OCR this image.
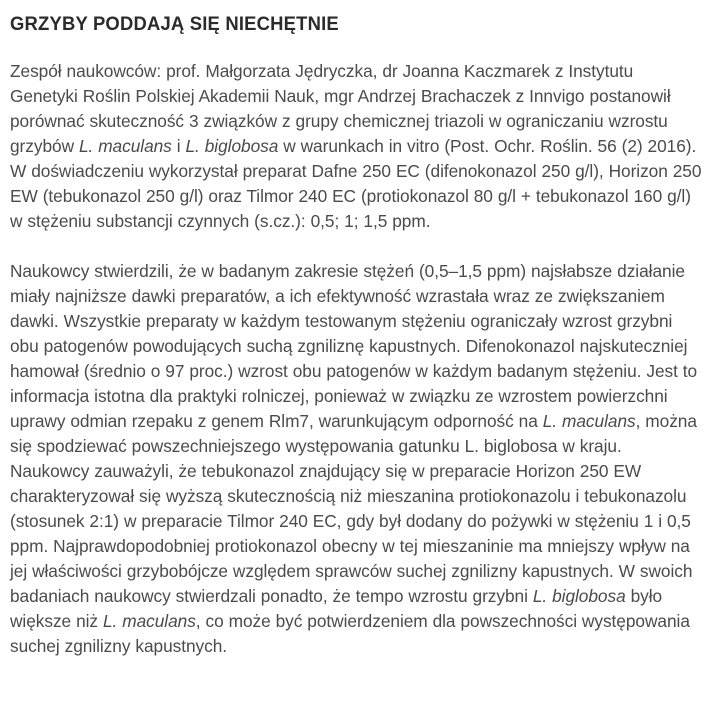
GRZYBY PODDAJĄ SIĘ NIECHĘTNIE

Zespół naukowców: prof. Małgorzata Jędryczka, dr Joanna Kaczmarek z Instytutu Genetyki Roślin Polskiej Akademii Nauk, mgr Andrzej Brachaczek z Innvigo postanowił porównać skuteczność 3 związków z grupy chemicznej triazoli w ograniczaniu wzrostu grzybów L. maculans i L. biglobosa w warunkach in vitro (Post. Ochr. Roślin. 56 (2) 2016). W doświadczeniu wykorzystał preparat Dafne 250 EC (difenokonazol 250 g/l), Horizon 250 EW (tebukonazol 250 g/l) oraz Tilmor 240 EC (protiokonazol 80 g/l + tebukonazol 160 g/l) w stężeniu substancji czynnych (s.cz.): 0,5; 1; 1,5 ppm.

Naukowcy stwierdzili, że w badanym zakresie stężeń (0,5–1,5 ppm) najsłabsze działanie miały najniższe dawki preparatów, a ich efektywność wzrastała wraz ze zwiększaniem dawki. Wszystkie preparaty w każdym testowanym stężeniu ograniczały wzrost grzybni obu patogenów powodujących suchą zgniliznę kapustnych. Difenokonazol najskuteczniej hamował (średnio o 97 proc.) wzrost obu patogenów w każdym badanym stężeniu. Jest to informacja istotna dla praktyki rolniczej, ponieważ w związku ze wzrostem powierzchni uprawy odmian rzepaku z genem Rlm7, warunkującym odporność na L. maculans, można się spodziewać powszechniejszego występowania gatunku L. biglobosa w kraju. Naukowcy zauważyli, że tebukonazol znajdujący się w preparacie Horizon 250 EW charakteryzował się wyższą skutecznością niż mieszanina protiokonazolu i tebukonazolu (stosunek 2:1) w preparacie Tilmor 240 EC, gdy był dodany do pożywki w stężeniu 1 i 0,5 ppm. Najprawdopodobniej protiokonazol obecny w tej mieszaninie ma mniejszy wpływ na jej właściwości grzybobójcze względem sprawców suchej zgnilizny kapustnych. W swoich badaniach naukowcy stwierdzali ponadto, że tempo wzrostu grzybni L. biglobosa było większe niż L. maculans, co może być potwierdzeniem dla powszechności występowania suchej zgnilizny kapustnych.
